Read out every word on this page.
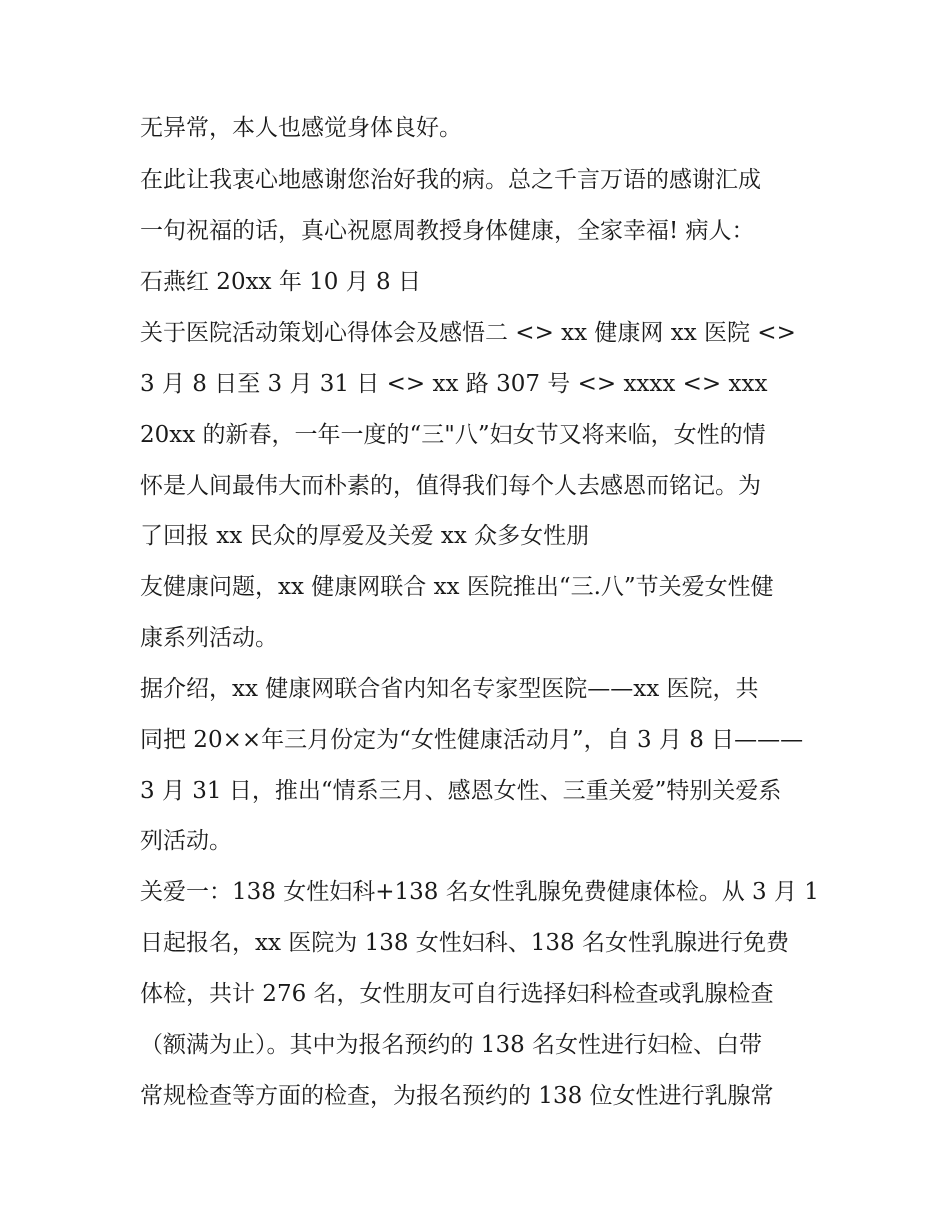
无异常，本人也感觉身体良好。
在此让我衷心地感谢您治好我的病。总之千言万语的感谢汇成
一句祝福的话，真心祝愿周教授身体健康，全家幸福! 病人：
石燕红 20xx 年 10 月 8 日
关于医院活动策划心得体会及感悟二 <> xx 健康网 xx 医院 <>
3 月 8 日至 3 月 31 日 <> xx 路 307 号 <> xxxx <> xxx
20xx 的新春，一年一度的“三"八”妇女节又将来临，女性的情
怀是人间最伟大而朴素的，值得我们每个人去感恩而铭记。为
了回报 xx 民众的厚爱及关爱 xx 众多女性朋
友健康问题，xx 健康网联合 xx 医院推出“三.八”节关爱女性健
康系列活动。
据介绍，xx 健康网联合省内知名专家型医院——xx 医院，共
同把 20××年三月份定为“女性健康活动月”，自 3 月 8 日———
3 月 31 日，推出“情系三月、感恩女性、三重关爱”特别关爱系
列活动。
关爱一：138 女性妇科+138 名女性乳腺免费健康体检。从 3 月 1
日起报名，xx 医院为 138 女性妇科、138 名女性乳腺进行免费
体检，共计 276 名，女性朋友可自行选择妇科检查或乳腺检查
（额满为止）。其中为报名预约的 138 名女性进行妇检、白带
常规检查等方面的检查，为报名预约的 138 位女性进行乳腺常
